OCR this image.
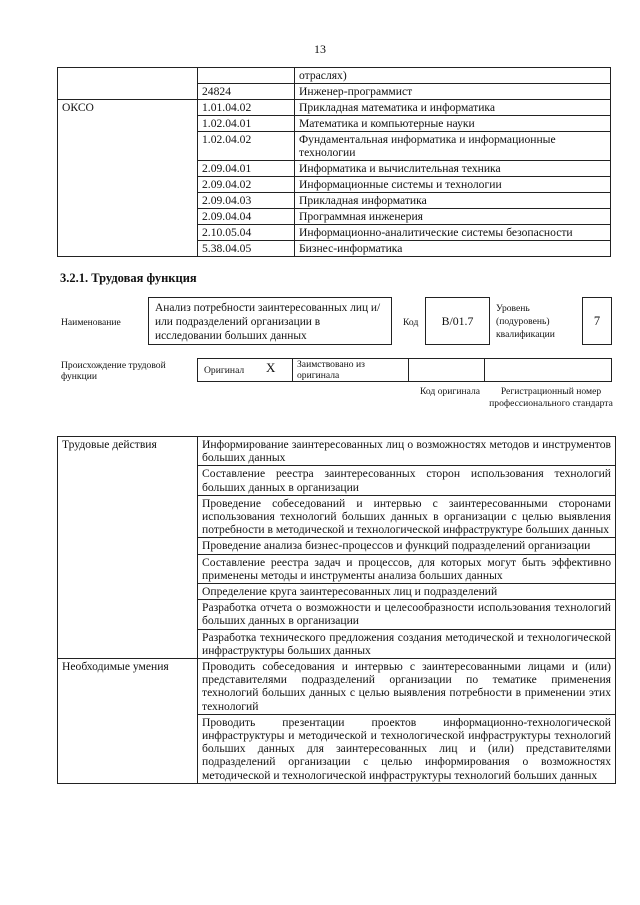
13
		отраслях)
	24824	Инженер-программист
ОКСО	1.01.04.02	Прикладная математика и информатика
	1.02.04.01	Математика и компьютерные науки
	1.02.04.02	Фундаментальная информатика и информационные технологии
	2.09.04.01	Информатика и вычислительная техника
	2.09.04.02	Информационные системы и технологии
	2.09.04.03	Прикладная информатика
	2.09.04.04	Программная инженерия
	2.10.05.04	Информационно-аналитические системы безопасности
	5.38.04.05	Бизнес-информатика
3.2.1. Трудовая функция
Наименование
Анализ потребности заинтересованных лиц и/или подразделений организации в исследовании больших данных
Код	B/01.7
Уровень (подуровень) квалификации
7
Происхождение трудовой функции
Оригинал Х Заимствовано из оригинала
Код оригинала	Регистрационный номер профессионального стандарта
Трудовые действия	Информирование заинтересованных лиц о возможностях методов и инструментов больших данных
	Составление реестра заинтересованных сторон использования технологий больших данных в организации
	Проведение собеседований и интервью с заинтересованными сторонами использования технологий больших данных в организации с целью выявления потребности в методической и технологической инфраструктуре больших данных
	Проведение анализа бизнес-процессов и функций подразделений организации
	Составление реестра задач и процессов, для которых могут быть эффективно применены методы и инструменты анализа больших данных
	Определение круга заинтересованных лиц и подразделений
	Разработка отчета о возможности и целесообразности использования технологий больших данных в организации
	Разработка технического предложения создания методической и технологической инфраструктуры больших данных
Необходимые умения	Проводить собеседования и интервью с заинтересованными лицами и (или) представителями подразделений организации по тематике применения технологий больших данных с целью выявления потребности в применении этих технологий
	Проводить презентации проектов информационно-технологической инфраструктуры и методической и технологической инфраструктуры технологий больших данных для заинтересованных лиц и (или) представителями подразделений организации с целью информирования о возможностях методической и технологической инфраструктуры технологий больших данных
